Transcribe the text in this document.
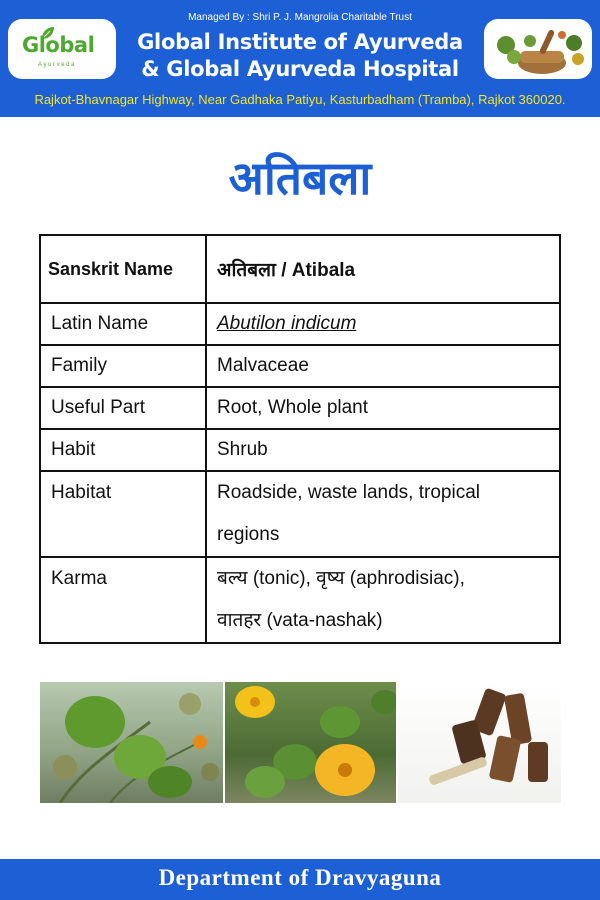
Global
Ayurveda
Managed By : Shri P. J. Mangrolia Charitable Trust
Global Institute of Ayurveda
& Global Ayurveda Hospital
Rajkot-Bhavnagar Highway, Near Gadhaka Patiyu, Kasturbadham (Tramba), Rajkot 360020.
अतिबला
Sanskrit Name	अतिबला / Atibala
Latin Name	Abutilon indicum
Family	Malvaceae
Useful Part	Root, Whole plant
Habit	Shrub
Habitat	Roadside, waste lands, tropical
regions

Karma	बल्य (tonic), वृष्य (aphrodisiac),
वातहर (vata-nashak)
Department of Dravyaguna
